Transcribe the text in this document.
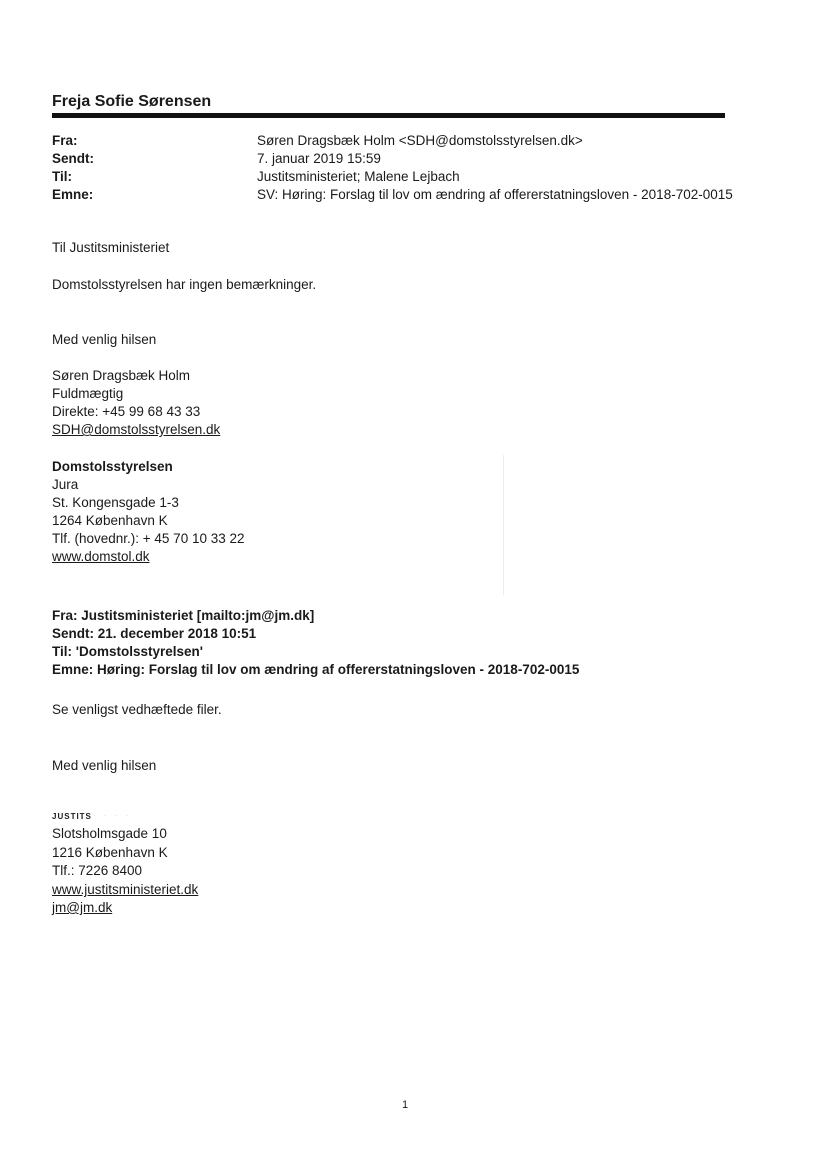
Freja Sofie Sørensen
Fra:	Søren Dragsbæk Holm <SDH@domstolsstyrelsen.dk>
Sendt:	7. januar 2019 15:59
Til:	Justitsministeriet; Malene Lejbach
Emne:	SV: Høring: Forslag til lov om ændring af offererstatningsloven - 2018-702-0015
Til Justitsministeriet
Domstolsstyrelsen har ingen bemærkninger.
Med venlig hilsen
Søren Dragsbæk Holm
Fuldmægtig
Direkte: +45 99 68 43 33
SDH@domstolsstyrelsen.dk
Domstolsstyrelsen
Jura
St. Kongensgade 1-3
1264 København K
Tlf. (hovednr.): + 45 70 10 33 22
www.domstol.dk
Fra: Justitsministeriet [mailto:jm@jm.dk]
Sendt: 21. december 2018 10:51
Til: 'Domstolsstyrelsen'
Emne: Høring: Forslag til lov om ændring af offererstatningsloven - 2018-702-0015
Se venligst vedhæftede filer.
Med venlig hilsen
JUSTITS · · · ·
Slotsholmsgade 10
1216 København K
Tlf.: 7226 8400
www.justitsministeriet.dk
jm@jm.dk
1
